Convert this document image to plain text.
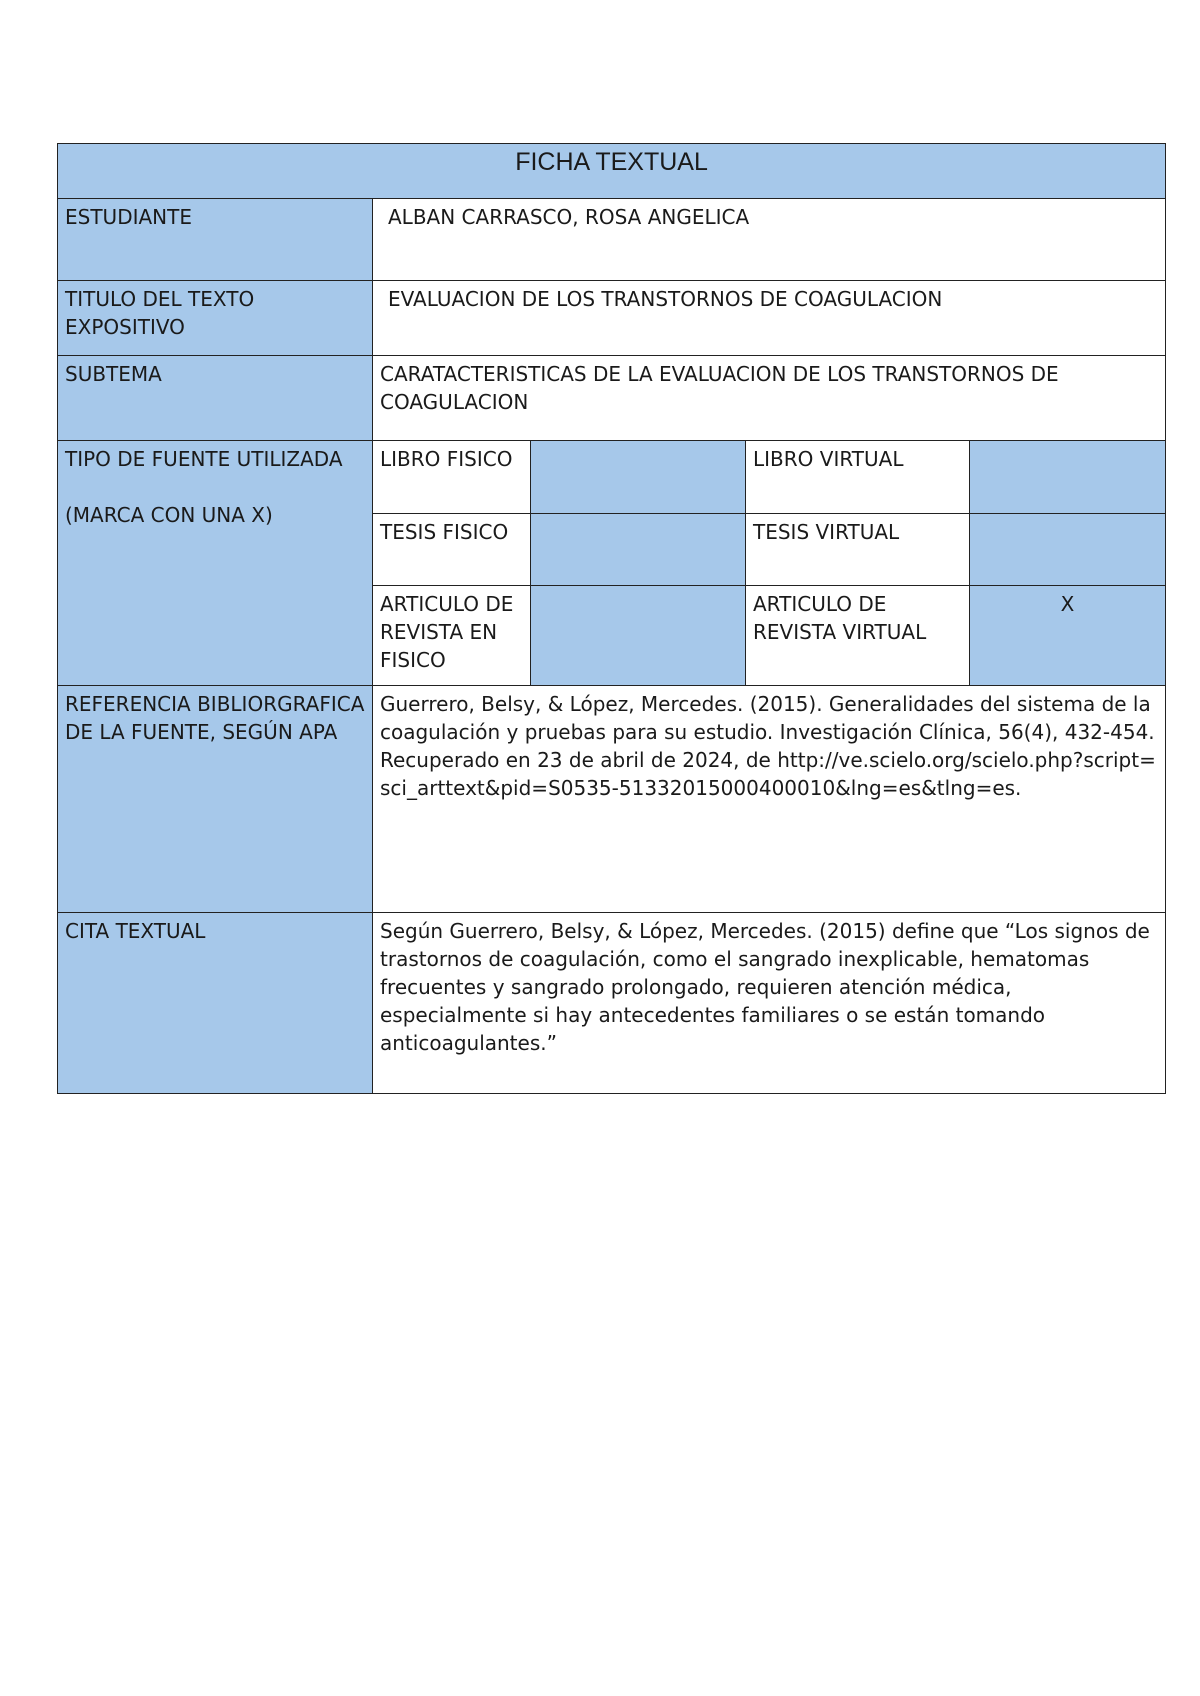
FICHA TEXTUAL				
ESTUDIANTE	ALBAN CARRASCO, ROSA ANGELICA			
TITULO DEL TEXTO EXPOSITIVO	EVALUACION DE LOS TRANSTORNOS DE COAGULACION			
SUBTEMA	CARATACTERISTICAS DE LA EVALUACION DE LOS TRANSTORNOS DE COAGULACION			
TIPO DE FUENTE UTILIZADA
(MARCA CON UNA X)	LIBRO FISICO		LIBRO VIRTUAL	
	TESIS FISICO		TESIS VIRTUAL	
	ARTICULO DE REVISTA EN FISICO		ARTICULO DE REVISTA VIRTUAL	X
REFERENCIA BIBLIORGRAFICA DE LA FUENTE, SEGÚN APA	Guerrero, Belsy, & López, Mercedes. (2015). Generalidades del sistema de la coagulación y pruebas para su estudio. Investigación Clínica, 56(4), 432-454. Recuperado en 23 de abril de 2024, de http://ve.scielo.org/scielo.php?script=sci_arttext&pid=S0535-51332015000400010&lng=es&tlng=es.			
CITA TEXTUAL	Según Guerrero, Belsy, & López, Mercedes. (2015) define que “Los signos de trastornos de coagulación, como el sangrado inexplicable, hematomas frecuentes y sangrado prolongado, requieren atención médica, especialmente si hay antecedentes familiares o se están tomando anticoagulantes.”			
